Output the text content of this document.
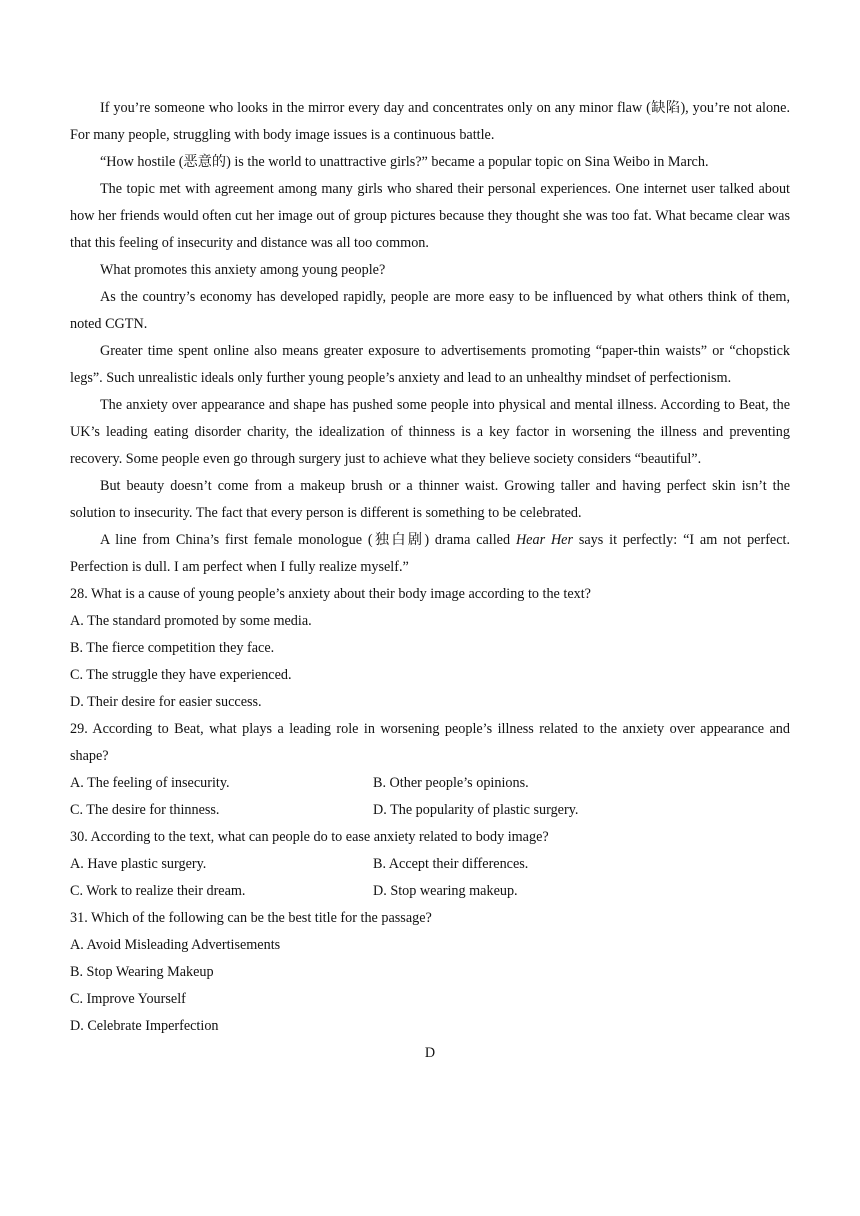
If you’re someone who looks in the mirror every day and concentrates only on any minor flaw (缺陷), you’re not alone. For many people, struggling with body image issues is a continuous battle.

“How hostile (恶意的) is the world to unattractive girls?” became a popular topic on Sina Weibo in March.

The topic met with agreement among many girls who shared their personal experiences. One internet user talked about how her friends would often cut her image out of group pictures because they thought she was too fat. What became clear was that this feeling of insecurity and distance was all too common.

What promotes this anxiety among young people?

As the country’s economy has developed rapidly, people are more easy to be influenced by what others think of them, noted CGTN.

Greater time spent online also means greater exposure to advertisements promoting “paper-thin waists” or “chopstick legs”. Such unrealistic ideals only further young people’s anxiety and lead to an unhealthy mindset of perfectionism.

The anxiety over appearance and shape has pushed some people into physical and mental illness. According to Beat, the UK’s leading eating disorder charity, the idealization of thinness is a key factor in worsening the illness and preventing recovery. Some people even go through surgery just to achieve what they believe society considers “beautiful”.

But beauty doesn’t come from a makeup brush or a thinner waist. Growing taller and having perfect skin isn’t the solution to insecurity. The fact that every person is different is something to be celebrated.

A line from China’s first female monologue (独白剧) drama called Hear Her says it perfectly: “I am not perfect. Perfection is dull. I am perfect when I fully realize myself.”

28. What is a cause of young people’s anxiety about their body image according to the text?

A. The standard promoted by some media.

B. The fierce competition they face.

C. The struggle they have experienced.

D. Their desire for easier success.

29. According to Beat, what plays a leading role in worsening people’s illness related to the anxiety over appearance and shape?

A. The feeling of insecurity.	B. Other people’s opinions.
C. The desire for thinness.	D. The popularity of plastic surgery.

30. According to the text, what can people do to ease anxiety related to body image?

A. Have plastic surgery.	B. Accept their differences.
C. Work to realize their dream.	D. Stop wearing makeup.

31. Which of the following can be the best title for the passage?

A. Avoid Misleading Advertisements

B. Stop Wearing Makeup

C. Improve Yourself

D. Celebrate Imperfection

D
